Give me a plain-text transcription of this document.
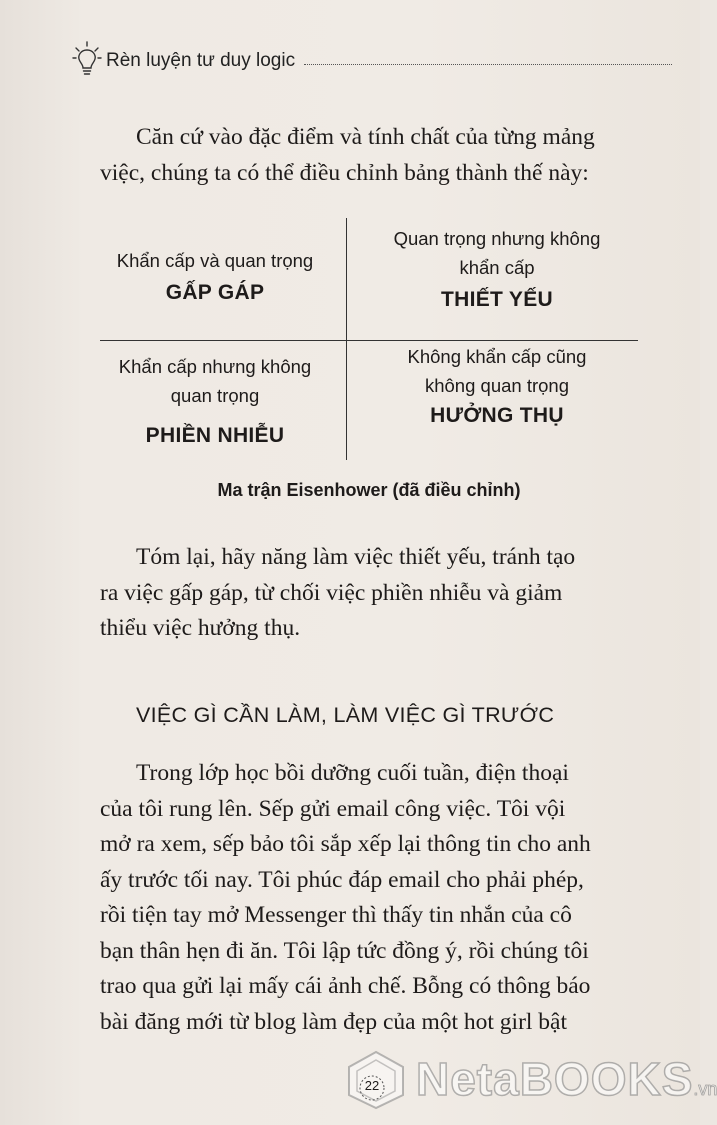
Rèn luyện tư duy logic

Căn cứ vào đặc điểm và tính chất của từng mảng
việc, chúng ta có thể điều chỉnh bảng thành thế này:

Khẩn cấp và quan trọng
GẤP GÁP
Quan trọng nhưng không
khẩn cấp
THIẾT YẾU
Khẩn cấp nhưng không
quan trọng
PHIỀN NHIỄU
Không khẩn cấp cũng
không quan trọng
HƯỞNG THỤ
Ma trận Eisenhower (đã điều chỉnh)

Tóm lại, hãy năng làm việc thiết yếu, tránh tạo
ra việc gấp gáp, từ chối việc phiền nhiễu và giảm
thiểu việc hưởng thụ.

VIỆC GÌ CẦN LÀM, LÀM VIỆC GÌ TRƯỚC

Trong lớp học bồi dưỡng cuối tuần, điện thoại
của tôi rung lên. Sếp gửi email công việc. Tôi vội
mở ra xem, sếp bảo tôi sắp xếp lại thông tin cho anh
ấy trước tối nay. Tôi phúc đáp email cho phải phép,
rồi tiện tay mở Messenger thì thấy tin nhắn của cô
bạn thân hẹn đi ăn. Tôi lập tức đồng ý, rồi chúng tôi
trao qua gửi lại mấy cái ảnh chế. Bỗng có thông báo
bài đăng mới từ blog làm đẹp của một hot girl bật

22 NetaBOOKS.vn
